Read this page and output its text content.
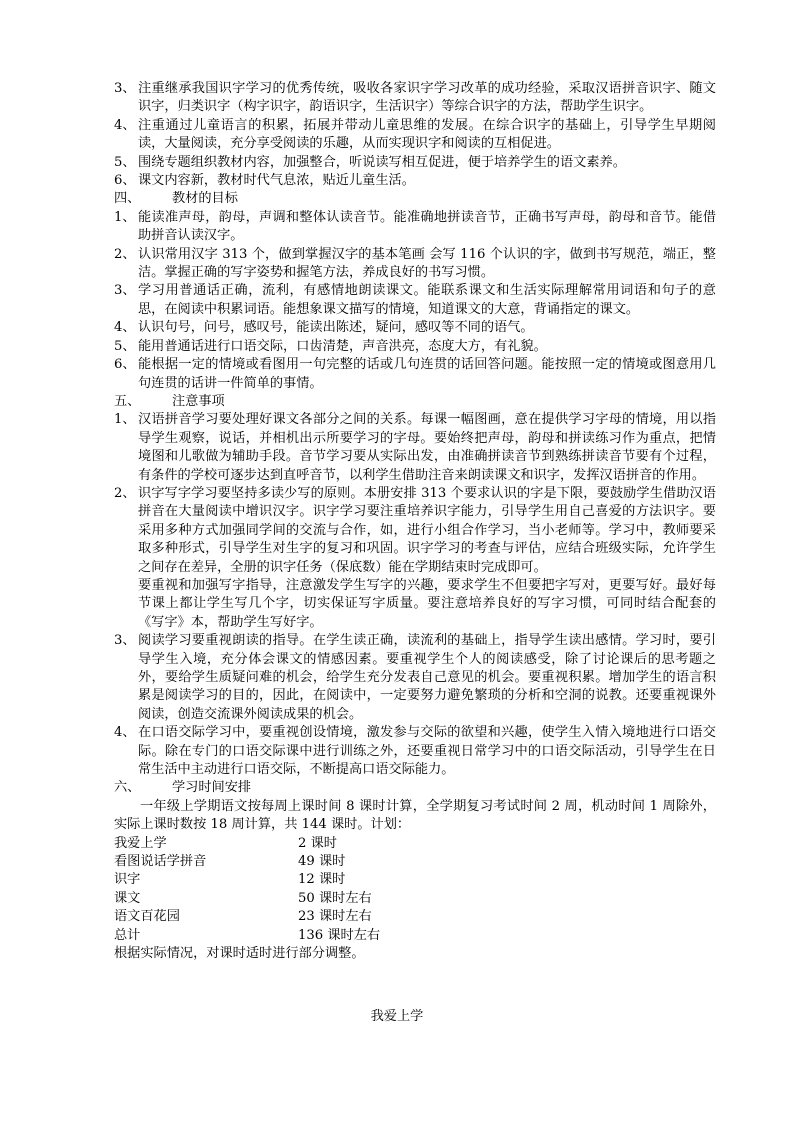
3、 注重继承我国识字学习的优秀传统，吸收各家识字学习改革的成功经验，采取汉语拼音识字、随文识字，归类识字（构字识字，韵语识字，生活识字）等综合识字的方法，帮助学生识字。
4、 注重通过儿童语言的积累，拓展并带动儿童思维的发展。在综合识字的基础上，引导学生早期阅读，大量阅读，充分享受阅读的乐趣，从而实现识字和阅读的互相促进。
5、 围绕专题组织教材内容，加强整合，听说读写相互促进，便于培养学生的语文素养。
6、 课文内容新，教材时代气息浓，贴近儿童生活。
四、	教材的目标
1、 能读准声母，韵母，声调和整体认读音节。能准确地拼读音节，正确书写声母，韵母和音节。能借助拼音认读汉字。
2、 认识常用汉字 313 个，做到掌握汉字的基本笔画 会写 116 个认识的字，做到书写规范，端正，整洁。掌握正确的写字姿势和握笔方法，养成良好的书写习惯。
3、 学习用普通话正确，流利，有感情地朗读课文。能联系课文和生活实际理解常用词语和句子的意思，在阅读中积累词语。能想象课文描写的情境，知道课文的大意，背诵指定的课文。
4、 认识句号，问号，感叹号，能读出陈述，疑问，感叹等不同的语气。
5、 能用普通话进行口语交际，口齿清楚，声音洪亮，态度大方，有礼貌。
6、 能根据一定的情境或看图用一句完整的话或几句连贯的话回答问题。能按照一定的情境或图意用几句连贯的话讲一件简单的事情。
五、	注意事项
1、 汉语拼音学习要处理好课文各部分之间的关系。每课一幅图画，意在提供学习字母的情境，用以指导学生观察，说话，并相机出示所要学习的字母。要始终把声母，韵母和拼读练习作为重点，把情境图和儿歌做为辅助手段。音节学习要从实际出发，由准确拼读音节到熟练拼读音节要有个过程，有条件的学校可逐步达到直呼音节，以利学生借助注音来朗读课文和识字，发挥汉语拼音的作用。
2、 识字写字学习要坚持多读少写的原则。本册安排 313 个要求认识的字是下限，要鼓励学生借助汉语拼音在大量阅读中增识汉字。识字学习要注重培养识字能力，引导学生用自己喜爱的方法识字。要采用多种方式加强同学间的交流与合作，如，进行小组合作学习，当小老师等。学习中，教师要采取多种形式，引导学生对生字的复习和巩固。识字学习的考查与评估，应结合班级实际，允许学生之间存在差异，全册的识字任务（保底数）能在学期结束时完成即可。
要重视和加强写字指导，注意激发学生写字的兴趣，要求学生不但要把字写对，更要写好。最好每节课上都让学生写几个字，切实保证写字质量。要注意培养良好的写字习惯，可同时结合配套的《写字》本，帮助学生写好字。
3、 阅读学习要重视朗读的指导。在学生读正确，读流利的基础上，指导学生读出感情。学习时，要引导学生入境，充分体会课文的情感因素。要重视学生个人的阅读感受，除了讨论课后的思考题之外，要给学生质疑问难的机会，给学生充分发表自己意见的机会。要重视积累。增加学生的语言积累是阅读学习的目的，因此，在阅读中，一定要努力避免繁琐的分析和空洞的说教。还要重视课外阅读，创造交流课外阅读成果的机会。
4、 在口语交际学习中，要重视创设情境，激发参与交际的欲望和兴趣，使学生入情入境地进行口语交际。除在专门的口语交际课中进行训练之外，还要重视日常学习中的口语交际活动，引导学生在日常生活中主动进行口语交际，不断提高口语交际能力。
六、	学习时间安排
一年级上学期语文按每周上课时间 8 课时计算，全学期复习考试时间 2 周，机动时间 1 周除外，实际上课时数按 18 周计算，共 144 课时。计划：
我爱上学	2 课时
看图说话学拼音	49 课时
识字	12 课时
课文	50 课时左右
语文百花园	23 课时左右
总计	136 课时左右
根据实际情况，对课时适时进行部分调整。
我爱上学
